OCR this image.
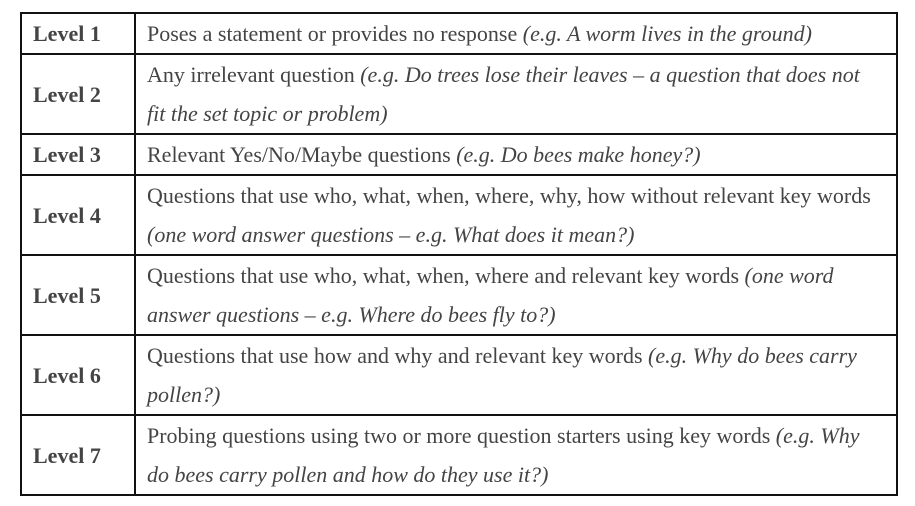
Level 1	Poses a statement or provides no response (e.g. A worm lives in the ground)
Level 2	Any irrelevant question (e.g. Do trees lose their leaves – a question that does not fit the set topic or problem)
Level 3	Relevant Yes/No/Maybe questions (e.g. Do bees make honey?)
Level 4	Questions that use who, what, when, where, why, how without relevant key words (one word answer questions – e.g. What does it mean?)
Level 5	Questions that use who, what, when, where and relevant key words (one word answer questions – e.g. Where do bees fly to?)
Level 6	Questions that use how and why and relevant key words (e.g. Why do bees carry pollen?)
Level 7	Probing questions using two or more question starters using key words (e.g. Why do bees carry pollen and how do they use it?)
